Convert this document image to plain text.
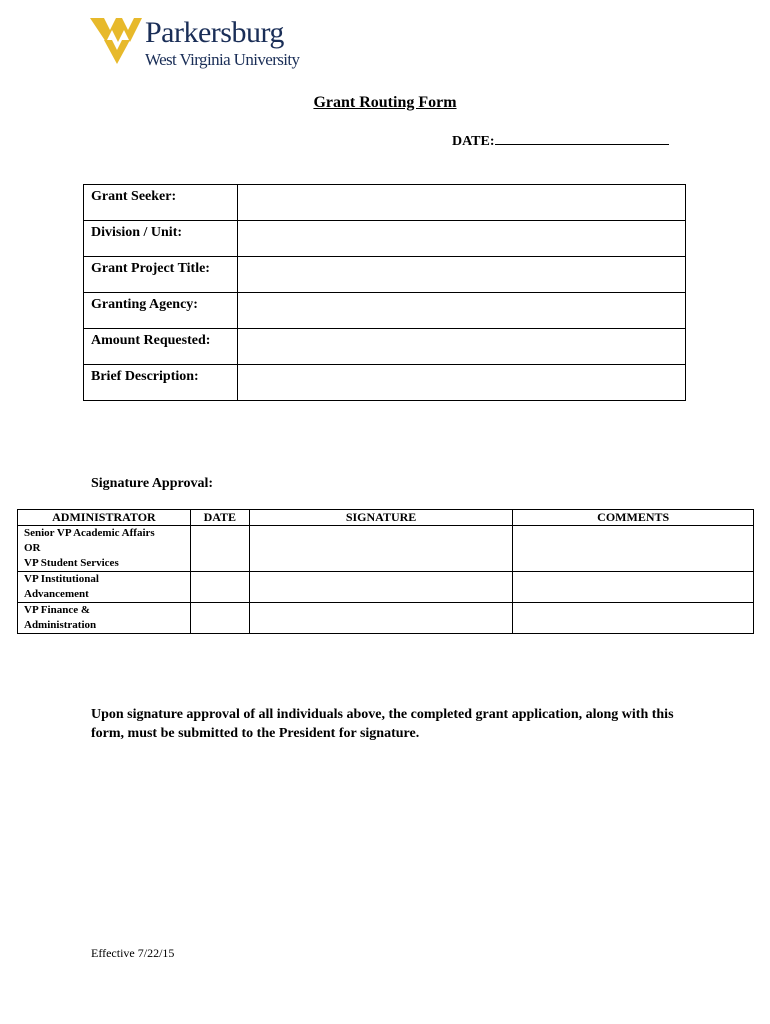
Parkersburg
West Virginia University
Grant Routing Form
DATE:
Grant Seeker:	
Division / Unit:	
Grant Project Title:	
Granting Agency:	
Amount Requested:	
Brief Description:	
Signature Approval:
ADMINISTRATOR	DATE	SIGNATURE	COMMENTS

Senior VP Academic Affairs
OR
VP Student Services			

VP Institutional
Advancement			

VP Finance &
Administration			

Upon signature approval of all individuals above, the completed grant application, along with this form, must be submitted to the President for signature.
Effective 7/22/15
